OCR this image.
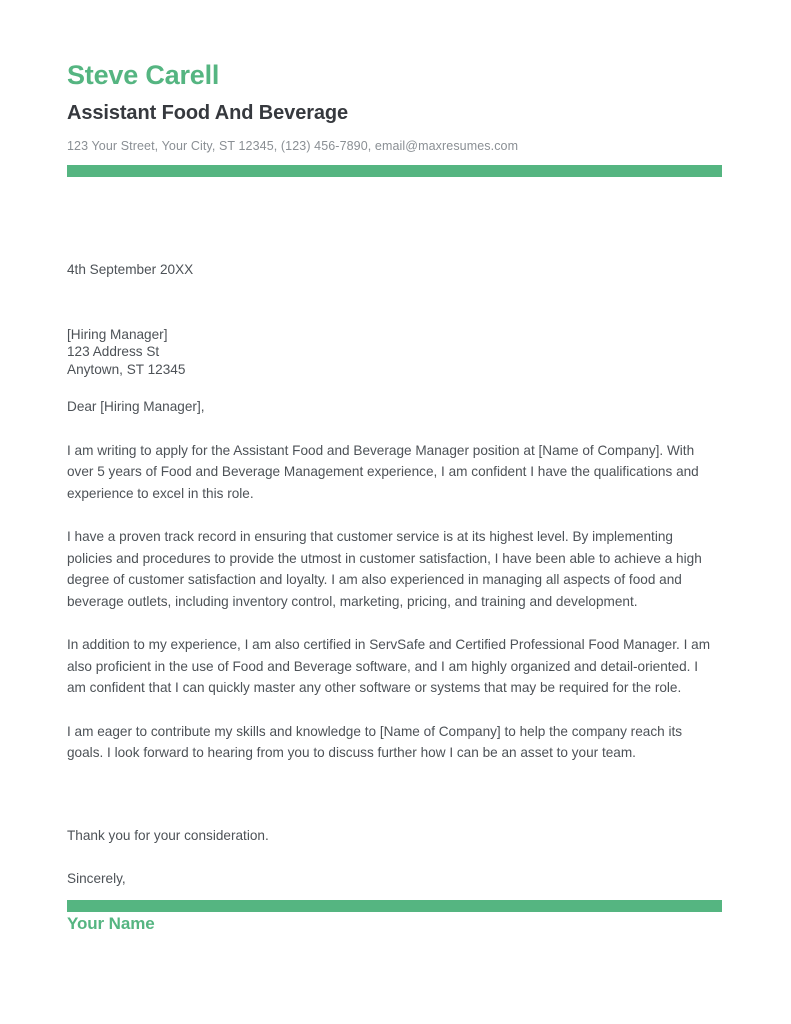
Steve Carell
Assistant Food And Beverage

123 Your Street, Your City, ST 12345, (123) 456-7890, email@maxresumes.com

4th September 20XX

[Hiring Manager]
123 Address St
Anytown, ST 12345

Dear [Hiring Manager],

I am writing to apply for the Assistant Food and Beverage Manager position at [Name of Company]. With over 5 years of Food and Beverage Management experience, I am confident I have the qualifications and experience to excel in this role.

I have a proven track record in ensuring that customer service is at its highest level. By implementing policies and procedures to provide the utmost in customer satisfaction, I have been able to achieve a high degree of customer satisfaction and loyalty. I am also experienced in managing all aspects of food and beverage outlets, including inventory control, marketing, pricing, and training and development.

In addition to my experience, I am also certified in ServSafe and Certified Professional Food Manager. I am also proficient in the use of Food and Beverage software, and I am highly organized and detail-oriented. I am confident that I can quickly master any other software or systems that may be required for the role.

I am eager to contribute my skills and knowledge to [Name of Company] to help the company reach its goals. I look forward to hearing from you to discuss further how I can be an asset to your team.

Thank you for your consideration.

Sincerely,

Your Name
